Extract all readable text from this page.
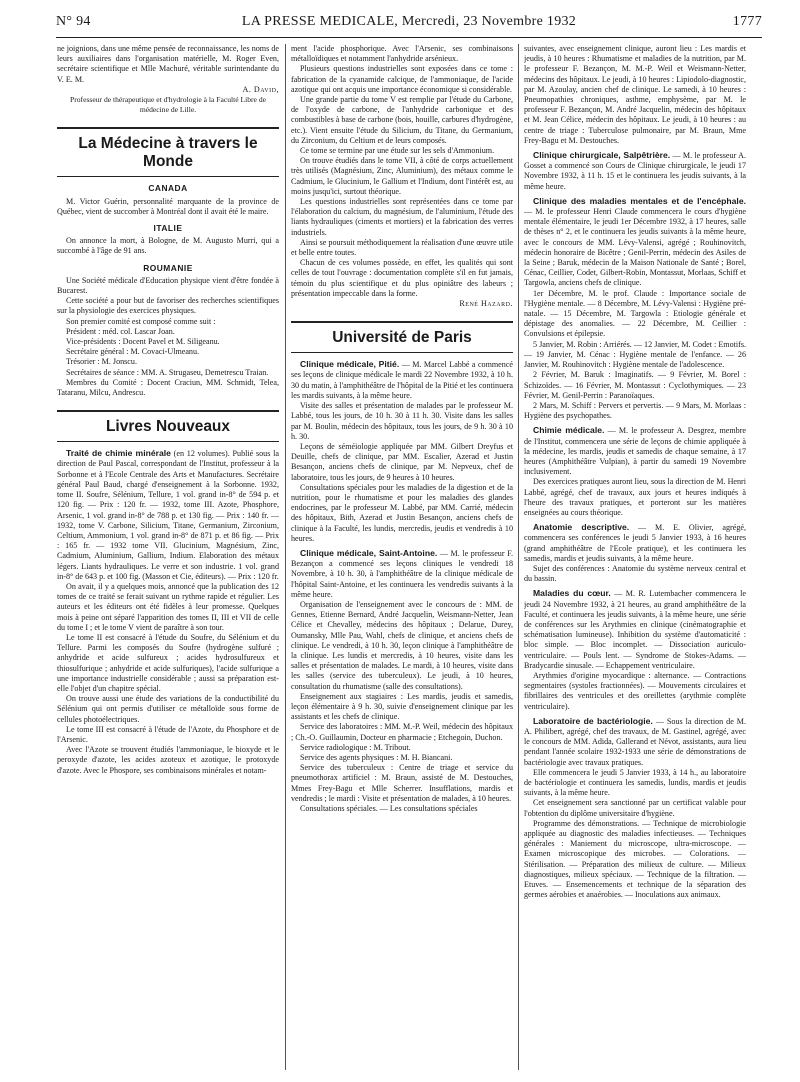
N° 94	LA PRESSE MEDICALE, Mercredi, 23 Novembre 1932	1777

ne joignions, dans une même pensée de reconnaissance, les noms de leurs auxiliaires dans l'organisation matérielle, M. Roger Even, secrétaire scientifique et Mlle Machuré, véritable surintendante du V. E. M.

A. David,

Professeur de thérapeutique et d'hydrologie à la Faculté Libre de médecine de Lille.

La Médecine à travers le Monde
CANADA

M. Victor Guérin, personnalité marquante de la province de Québec, vient de succomber à Montréal dont il avait été le maire.

ITALIE

On annonce la mort, à Bologne, de M. Augusto Murri, qui a succombé à l'âge de 91 ans.

ROUMANIE

Une Société médicale d'Education physique vient d'être fondée à Bucarest.

Cette société a pour but de favoriser des recherches scientifiques sur la physiologie des exercices physiques.

Son premier comité est composé comme suit :

Président : méd. col. Lascar Joan.

Vice-présidents : Docent Pavel et M. Siligeanu.

Secrétaire général : M. Covaci-Ulmeanu.

Trésorier : M. Jonscu.

Secrétaires de séance : MM. A. Strugaseu, Demetrescu Traian.

Membres du Comité : Docent Craciun, MM. Schmidt, Telea, Tataranu, Milcu, Andrescu.

Livres Nouveaux

Traité de chimie minérale (en 12 volumes). Publié sous la direction de Paul Pascal, correspondant de l'Institut, professeur à la Sorbonne et à l'Ecole Centrale des Arts et Manufactures. Secrétaire général Paul Baud, chargé d'enseignement à la Sorbonne. 1932, tome II. Soufre, Sélénium, Tellure, 1 vol. grand in-8° de 594 p. et 120 fig. — Prix : 120 fr. — 1932, tome III. Azote, Phosphore, Arsenic, 1 vol. grand in-8° de 788 p. et 130 fig. — Prix : 140 fr. — 1932, tome V. Carbone, Silicium, Titane, Germanium, Zirconium, Celtium, Ammonium, 1 vol. grand in-8° de 871 p. et 86 fig. — Prix : 165 fr. — 1932 tome VII. Glucinium, Magnésium, Zinc, Cadmium, Aluminium, Gallium, Indium. Elaboration des métaux légers. Liants hydrauliques. Le verre et son industrie. 1 vol. grand in-8° de 643 p. et 100 fig. (Masson et Cie, éditeurs). — Prix : 120 fr.

On avait, il y a quelques mois, annoncé que la publication des 12 tomes de ce traité se ferait suivant un rythme rapide et régulier. Les auteurs et les éditeurs ont été fidèles à leur promesse. Quelques mois à peine ont séparé l'apparition des tomes II, III et VII de celle du tome I ; et le tome V vient de paraître à son tour.

Le tome II est consacré à l'étude du Soufre, du Sélénium et du Tellure. Parmi les composés du Soufre (hydrogène sulfuré ; anhydride et acide sulfureux ; acides hydrosulfureux et thiosulfurique ; anhydride et acide sulfuriques), l'acide sulfurique a une importance industrielle considérable ; aussi sa préparation est-elle l'objet d'un chapitre spécial.

On trouve aussi une étude des variations de la conductibilité du Sélénium qui ont permis d'utiliser ce métalloïde sous forme de cellules photoélectriques.

Le tome III est consacré à l'étude de l'Azote, du Phosphore et de l'Arsenic.

Avec l'Azote se trouvent étudiés l'ammoniaque, le bioxyde et le peroxyde d'azote, les acides azoteux et azotique, le protoxyde d'azote. Avec le Phospore, ses combinaisons minérales et notam-

ment l'acide phosphorique. Avec l'Arsenic, ses combinaisons métalloïdiques et notamment l'anhydride arsénieux.

Plusieurs questions industrielles sont exposées dans ce tome : fabrication de la cyanamide calcique, de l'ammoniaque, de l'acide azotique qui ont acquis une importance économique si considérable.

Une grande partie du tome V est remplie par l'étude du Carbone, de l'oxyde de carbone, de l'anhydride carbonique et des combustibles à base de carbone (bois, houille, carbures d'hydrogène, etc.). Vient ensuite l'étude du Silicium, du Titane, du Germanium, du Zirconium, du Celtium et de leurs composés.

Ce tome se termine par une étude sur les sels d'Ammonium.

On trouve étudiés dans le tome VII, à côté de corps actuellement très utilisés (Magnésium, Zinc, Aluminium), des métaux comme le Cadmium, le Glucinium, le Gallium et l'Indium, dont l'intérêt est, au moins jusqu'ici, surtout théorique.

Les questions industrielles sont représentées dans ce tome par l'élaboration du calcium, du magnésium, de l'aluminium, l'étude des liants hydrauliques (ciments et mortiers) et la fabrication des verres industriels.

Ainsi se poursuit méthodiquement la réalisation d'une œuvre utile et belle entre toutes.

Chacun de ces volumes possède, en effet, les qualités qui sont celles de tout l'ouvrage : documentation complète s'il en fut jamais, témoin du plus scientifique et du plus opiniâtre des labeurs ; présentation impeccable dans la forme.

René Hazard.

Université de Paris

Clinique médicale, Pitié. — M. Marcel Labbé a commencé ses leçons de clinique médicale le mardi 22 Novembre 1932, à 10 h. 30 du matin, à l'amphithéâtre de l'hôpital de la Pitié et les continuera les mardis suivants, à la même heure.

Visite des salles et présentation de malades par le professeur M. Labbé, tous les jours, de 10 h. 30 à 11 h. 30. Visite dans les salles par M. Boulin, médecin des hôpitaux, tous les jours, de 9 h. 30 à 10 h. 30.

Leçons de séméiologie appliquée par MM. Gilbert Dreyfus et Deuille, chefs de clinique, par MM. Escalier, Azerad et Justin Besançon, anciens chefs de clinique, par M. Nepveux, chef de laboratoire, tous les jours, de 9 heures à 10 heures.

Consultations spéciales pour les maladies de la digestion et de la nutrition, pour le rhumatisme et pour les maladies des glandes endocrines, par le professeur M. Labbé, par MM. Carrié, médecin des hôpitaux, Bith, Azerad et Justin Besançon, anciens chefs de clinique à la Faculté, les lundis, mercredis, jeudis et vendredis à 10 heures.

Clinique médicale, Saint-Antoine. — M. le professeur F. Bezançon a commencé ses leçons cliniques le vendredi 18 Novembre, à 10 h. 30, à l'amphithéâtre de la clinique médicale de l'hôpital Saint-Antoine, et les continuera les vendredis suivants à la même heure.

Organisation de l'enseignement avec le concours de : MM. de Gennes, Etienne Bernard, André Jacquelin, Weismann-Netter, Jean Célice et Chevalley, médecins des hôpitaux ; Delarue, Durey, Oumansky, Mlle Pau, Wahl, chefs de clinique, et anciens chefs de clinique. Le vendredi, à 10 h. 30, leçon clinique à l'amphithéâtre de la clinique. Les lundis et mercredis, à 10 heures, visite dans les salles et présentation de malades. Le mardi, à 10 heures, visite dans les salles (service des tuberculeux). Le jeudi, à 10 heures, consultation du rhumatisme (salle des consultations).

Enseignement aux stagiaires : Les mardis, jeudis et samedis, leçon élémentaire à 9 h. 30, suivie d'enseignement clinique par les assistants et les chefs de clinique.

Service des laboratoires : MM. M.-P. Weil, médecin des hôpitaux ; Ch.-O. Guillaumin, Docteur en pharmacie ; Etchegoin, Duchon.

Service radiologique : M. Tribout.

Service des agents physiques : M. H. Biancani.

Service des tuberculeux : Centre de triage et service du pneumothorax artificiel : M. Braun, assisté de M. Destouches, Mmes Frey-Bagu et Mlle Scherrer. Insufflations, mardis et vendredis ; le mardi : Visite et présentation de malades, à 10 heures.

Consultations spéciales. — Les consultations spéciales

suivantes, avec enseignement clinique, auront lieu : Les mardis et jeudis, à 10 heures : Rhumatisme et maladies de la nutrition, par M. le professeur F. Bezançon, M. M.-P. Weil et Weismann-Netter, médecins des hôpitaux. Le jeudi, à 10 heures : Lipiodolo-diagnostic, par M. Azoulay, ancien chef de clinique. Le samedi, à 10 heures : Pneumopathies chroniques, asthme, emphysème, par M. le professeur F. Bezançon, M. André Jacquelin, médecin des hôpitaux et M. Jean Célice, médecin des hôpitaux. Le jeudi, à 10 heures : au centre de triage : Tuberculose pulmonaire, par M. Braun, Mme Frey-Bagu et M. Destouches.

Clinique chirurgicale, Salpêtrière. — M. le professeur A. Gosset a commencé son Cours de Clinique chirurgicale, le jeudi 17 Novembre 1932, à 11 h. 15 et le continuera les jeudis suivants, à la même heure.

Clinique des maladies mentales et de l'encéphale. — M. le professeur Henri Claude commencera le cours d'hygiène mentale élémentaire, le jeudi 1er Décembre 1932, à 17 heures, salle de thèses n° 2, et le continuera les jeudis suivants à la même heure, avec le concours de MM. Lévy-Valensi, agrégé ; Rouhinovitch, médecin honoraire de Bicêtre ; Genil-Perrin, médecin des Asiles de la Seine ; Baruk, médecin de la Maison Nationale de Santé ; Borel, Cénac, Ceillier, Codet, Gilbert-Robin, Montassut, Morlaas, Schiff et Targowla, anciens chefs de clinique.

1er Décembre, M. le prof. Claude : Importance sociale de l'Hygiène mentale. — 8 Décembre, M. Lévy-Valensi : Hygiène pré-natale. — 15 Décembre, M. Targowla : Etiologie générale et dépistage des anomalies. — 22 Décembre, M. Ceillier : Convulsions et épilepsie.

5 Janvier, M. Robin : Arriérés. — 12 Janvier, M. Codet : Emotifs. — 19 Janvier, M. Cénac : Hygiène mentale de l'enfance. — 26 Janvier, M. Rouhinovitch : Hygiène mentale de l'adolescence.

2 Février, M. Baruk : Imaginatifs. — 9 Février, M. Borel : Schizoïdes. — 16 Février, M. Montassut : Cyclothymiques. — 23 Février, M. Genil-Perrin : Paranoïaques.

2 Mars, M. Schiff : Pervers et pervertis. — 9 Mars, M. Morlaas : Hygiène des psychopathes.

Chimie médicale. — M. le professeur A. Desgrez, membre de l'Institut, commencera une série de leçons de chimie appliquée à la médecine, les mardis, jeudis et samedis de chaque semaine, à 17 heures (Amphithéâtre Vulpian), à partir du samedi 19 Novembre inclusivement.

Des exercices pratiques auront lieu, sous la direction de M. Henri Labbé, agrégé, chef de travaux, aux jours et heures indiqués à l'heure des travaux pratiques, et porteront sur les matières enseignées au cours théorique.

Anatomie descriptive. — M. E. Olivier, agrégé, commencera ses conférences le jeudi 5 Janvier 1933, à 16 heures (grand amphithéâtre de l'Ecole pratique), et les continuera les samedis, mardis et jeudis suivants, à la même heure.

Sujet des conférences : Anatomie du système nerveux central et du bassin.

Maladies du cœur. — M. R. Lutembacher commencera le jeudi 24 Novembre 1932, à 21 heures, au grand amphithéâtre de la Faculté, et continuera les jeudis suivants, à la même heure, une série de conférences sur les Arythmies en clinique (cinématographie et schématisation lumineuse). Inhibition du système d'automaticité : bloc simple. — Bloc incomplet. — Dissociation auriculo-ventriculaire. — Pouls lent. — Syndrome de Stokes-Adams. — Bradycardie sinusale. — Echappement ventriculaire.

Arythmies d'origine myocardique : alternance. — Contractions segmentaires (systoles fractionnées). — Mouvements circulaires et fibrillaires des ventricules et des oreillettes (arythmie complète ventriculaire).

Laboratoire de bactériologie. — Sous la direction de M. A. Philibert, agrégé, chef des travaux, de M. Gastinel, agrégé, avec le concours de MM. Adida, Gallerand et Névot, assistants, aura lieu pendant l'année scolaire 1932-1933 une série de démonstrations de bactériologie avec travaux pratiques.

Elle commencera le jeudi 5 Janvier 1933, à 14 h., au laboratoire de bactériologie et continuera les samedis, lundis, mardis et jeudis suivants, à la même heure.

Cet enseignement sera sanctionné par un certificat valable pour l'obtention du diplôme universitaire d'hygiène.

Programme des démonstrations. — Technique de microbiologie appliquée au diagnostic des maladies infectieuses. — Techniques générales : Maniement du microscope, ultra-microscope. — Examen microscopique des microbes. — Colorations. — Stérilisation. — Préparation des milieux de culture. — Milieux diagnostiques, milieux spéciaux. — Technique de la filtration. — Etuves. — Ensemencements et technique de la séparation des germes aérobies et anaérobies. — Inoculations aux animaux.
